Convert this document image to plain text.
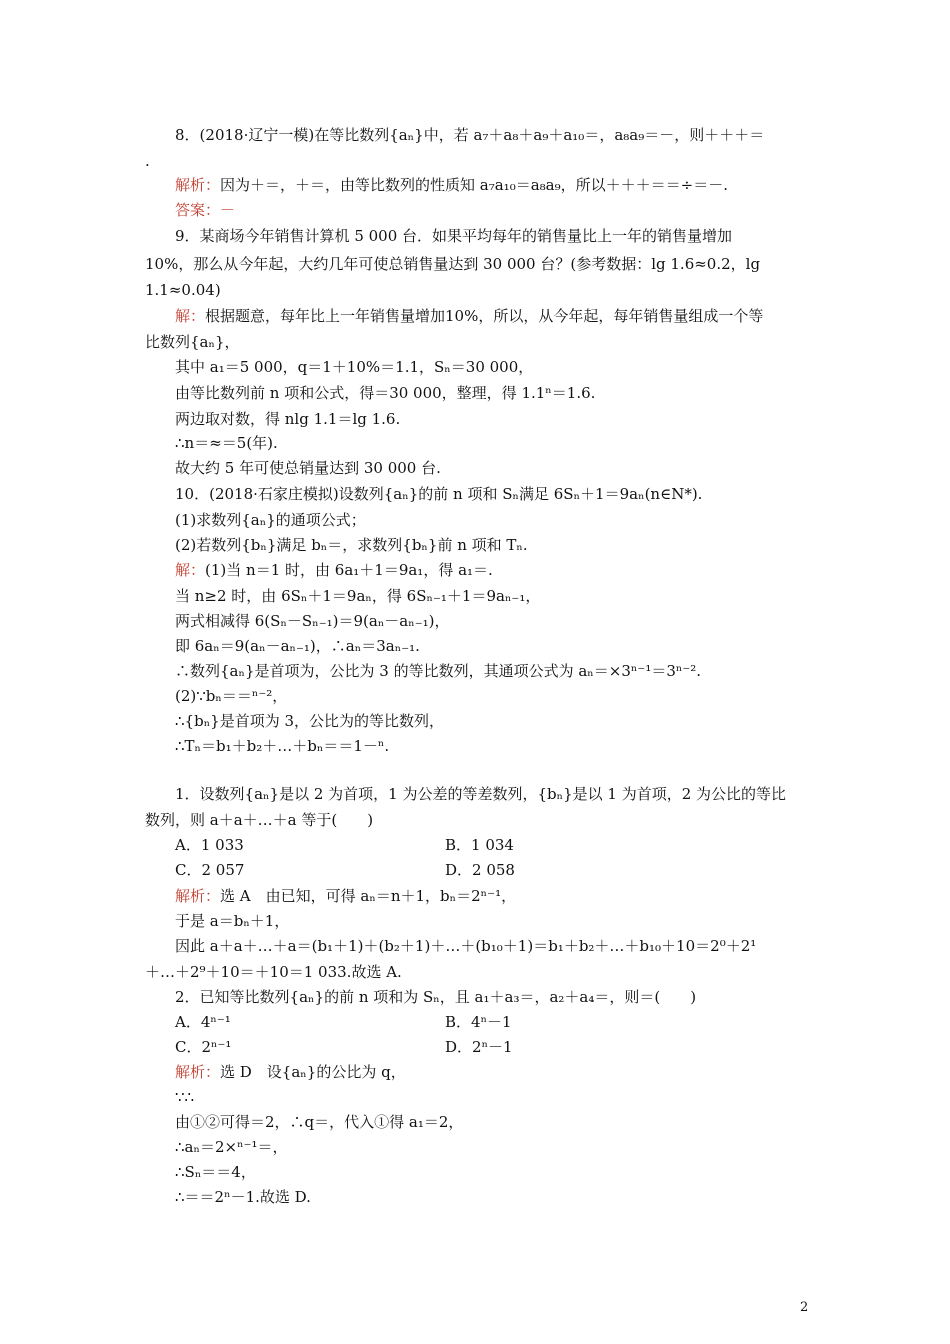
8．(2018·辽宁一模)在等比数列{aₙ}中，若 a₇＋a₈＋a₉＋a₁₀＝，a₈a₉＝－，则＋＋＋＝
.
解析：因为＋＝，＋＝，由等比数列的性质知 a₇a₁₀＝a₈a₉，所以＋＋＋＝＝÷＝－.
答案：－
9．某商场今年销售计算机 5 000 台．如果平均每年的销售量比上一年的销售量增加
10%，那么从今年起，大约几年可使总销售量达到 30 000 台？(参考数据：lg 1.6≈0.2，lg
1.1≈0.04)
解：根据题意，每年比上一年销售量增加10%，所以，从今年起，每年销售量组成一个等
比数列{aₙ}，
其中 a₁＝5 000，q＝1＋10%＝1.1，Sₙ＝30 000，
由等比数列前 n 项和公式，得＝30 000，整理，得 1.1ⁿ＝1.6.
两边取对数，得 nlg 1.1＝lg 1.6.
∴n＝≈＝5(年).
故大约 5 年可使总销量达到 30 000 台.
10．(2018·石家庄模拟)设数列{aₙ}的前 n 项和 Sₙ满足 6Sₙ＋1＝9aₙ(n∈N*).
(1)求数列{aₙ}的通项公式；
(2)若数列{bₙ}满足 bₙ＝，求数列{bₙ}前 n 项和 Tₙ.
解：(1)当 n＝1 时，由 6a₁＋1＝9a₁，得 a₁＝.
当 n≥2 时，由 6Sₙ＋1＝9aₙ，得 6Sₙ₋₁＋1＝9aₙ₋₁，
两式相减得 6(Sₙ－Sₙ₋₁)＝9(aₙ－aₙ₋₁)，
即 6aₙ＝9(aₙ－aₙ₋₁)，∴aₙ＝3aₙ₋₁.
∴数列{aₙ}是首项为，公比为 3 的等比数列，其通项公式为 aₙ＝×3ⁿ⁻¹＝3ⁿ⁻².
(2)∵bₙ＝＝ⁿ⁻²，
∴{bₙ}是首项为 3，公比为的等比数列，
∴Tₙ＝b₁＋b₂＋…＋bₙ＝＝1－ⁿ.
1．设数列{aₙ}是以 2 为首项，1 为公差的等差数列，{bₙ}是以 1 为首项，2 为公比的等比
数列，则 a＋a＋…＋a 等于(　　)
A．1 033	B．1 034
C．2 057	D．2 058
解析：选 A　由已知，可得 aₙ＝n＋1，bₙ＝2ⁿ⁻¹，
于是 a＝bₙ＋1，
因此 a＋a＋…＋a＝(b₁＋1)＋(b₂＋1)＋…＋(b₁₀＋1)＝b₁＋b₂＋…＋b₁₀＋10＝2⁰＋2¹
＋…＋2⁹＋10＝＋10＝1 033.故选 A.
2．已知等比数列{aₙ}的前 n 项和为 Sₙ，且 a₁＋a₃＝，a₂＋a₄＝，则＝(　　)
A．4ⁿ⁻¹	B．4ⁿ－1
C．2ⁿ⁻¹	D．2ⁿ－1
解析：选 D　设{aₙ}的公比为 q，
∵∴
由①②可得＝2，∴q＝，代入①得 a₁＝2，
∴aₙ＝2×ⁿ⁻¹＝，
∴Sₙ＝＝4，
∴＝＝2ⁿ－1.故选 D.
2
